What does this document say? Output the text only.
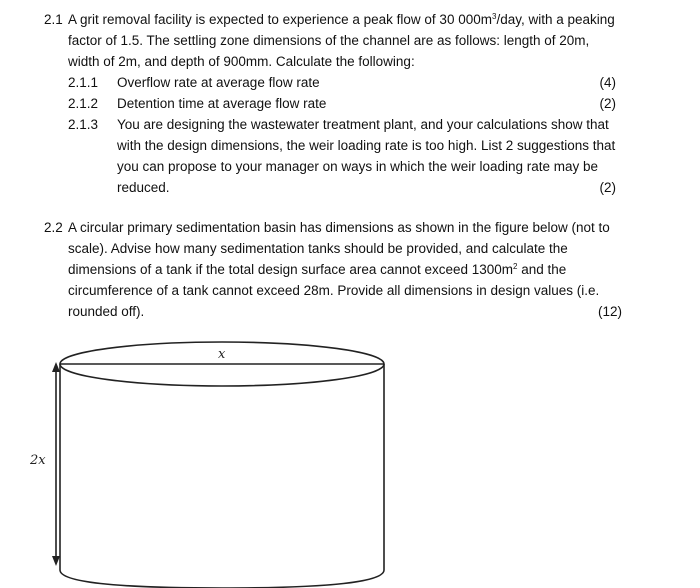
2.1 A grit removal facility is expected to experience a peak flow of 30 $000m^3$/day, with a peaking
factor of 1.5. The settling zone dimensions of the channel are as follows: length of 20m,
width of 2m, and depth of 900mm. Calculate the following:
2.1.1 Overflow rate at average flow rate	(4)
2.1.2 Detention time at average flow rate	(2)
2.1.3 You are designing the wastewater treatment plant, and your calculations show that
with the design dimensions, the weir loading rate is too high. List 2 suggestions that
you can propose to your manager on ways in which the weir loading rate may be
reduced.	(2)
2.2 A circular primary sedimentation basin has dimensions as shown in the figure below (not to
scale). Advise how many sedimentation tanks should be provided, and calculate the
dimensions of a tank if the total design surface area cannot exceed $1300m^2$ and the
circumference of a tank cannot exceed 28m. Provide all dimensions in design values (i.e.
rounded off).	(12)
x
2x
